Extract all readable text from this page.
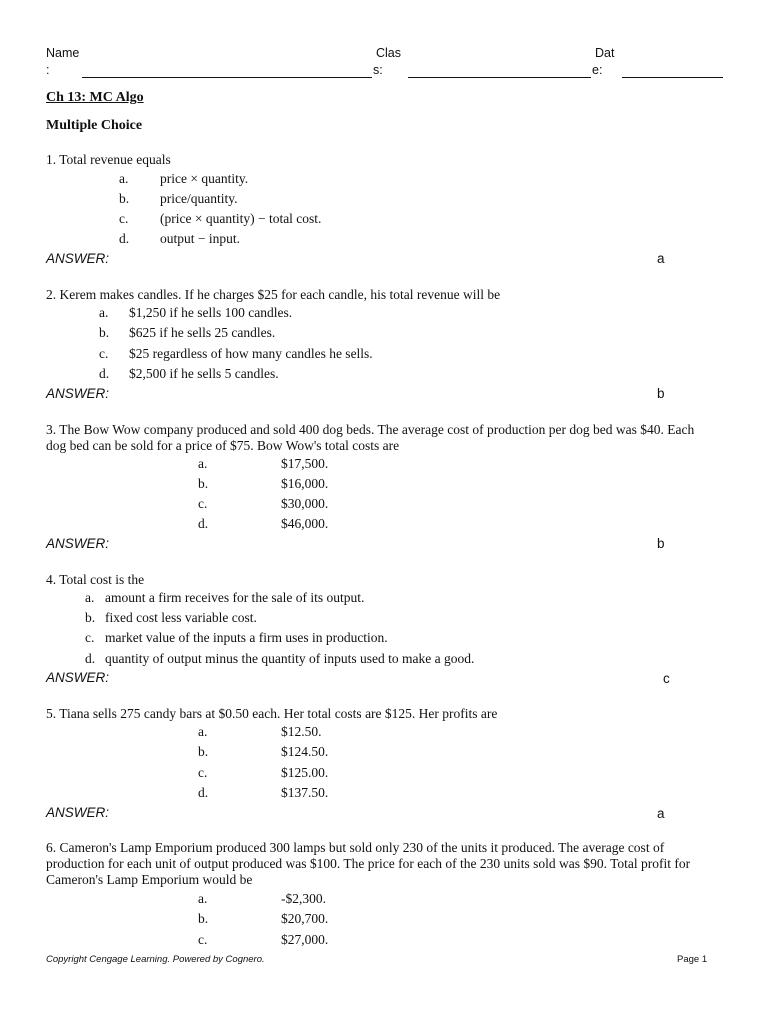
Name
:
Clas
s:
Dat
e:
Ch 13: MC Algo
Multiple Choice
1. Total revenue equals
a. price × quantity.
b. price/quantity.
c. (price × quantity) − total cost.
d. output − input.
ANSWER:	a
2. Kerem makes candles. If he charges $25 for each candle, his total revenue will be
a. $1,250 if he sells 100 candles.
b. $625 if he sells 25 candles.
c. $25 regardless of how many candles he sells.
d. $2,500 if he sells 5 candles.
ANSWER:	b
3. The Bow Wow company produced and sold 400 dog beds. The average cost of production per dog bed was $40. Each
dog bed can be sold for a price of $75. Bow Wow's total costs are
a.	$17,500.
b.	$16,000.
c.	$30,000.
d.	$46,000.
ANSWER:	b
4. Total cost is the
a. amount a firm receives for the sale of its output.
b. fixed cost less variable cost.
c. market value of the inputs a firm uses in production.
d. quantity of output minus the quantity of inputs used to make a good.
ANSWER:	c
5. Tiana sells 275 candy bars at $0.50 each. Her total costs are $125. Her profits are
a.	$12.50.
b.	$124.50.
c.	$125.00.
d.	$137.50.
ANSWER:	a
6. Cameron's Lamp Emporium produced 300 lamps but sold only 230 of the units it produced. The average cost of
production for each unit of output produced was $100. The price for each of the 230 units sold was $90. Total profit for
Cameron's Lamp Emporium would be
a.	-$2,300.
b.	$20,700.
c.	$27,000.
Copyright Cengage Learning. Powered by Cognero.	Page 1
